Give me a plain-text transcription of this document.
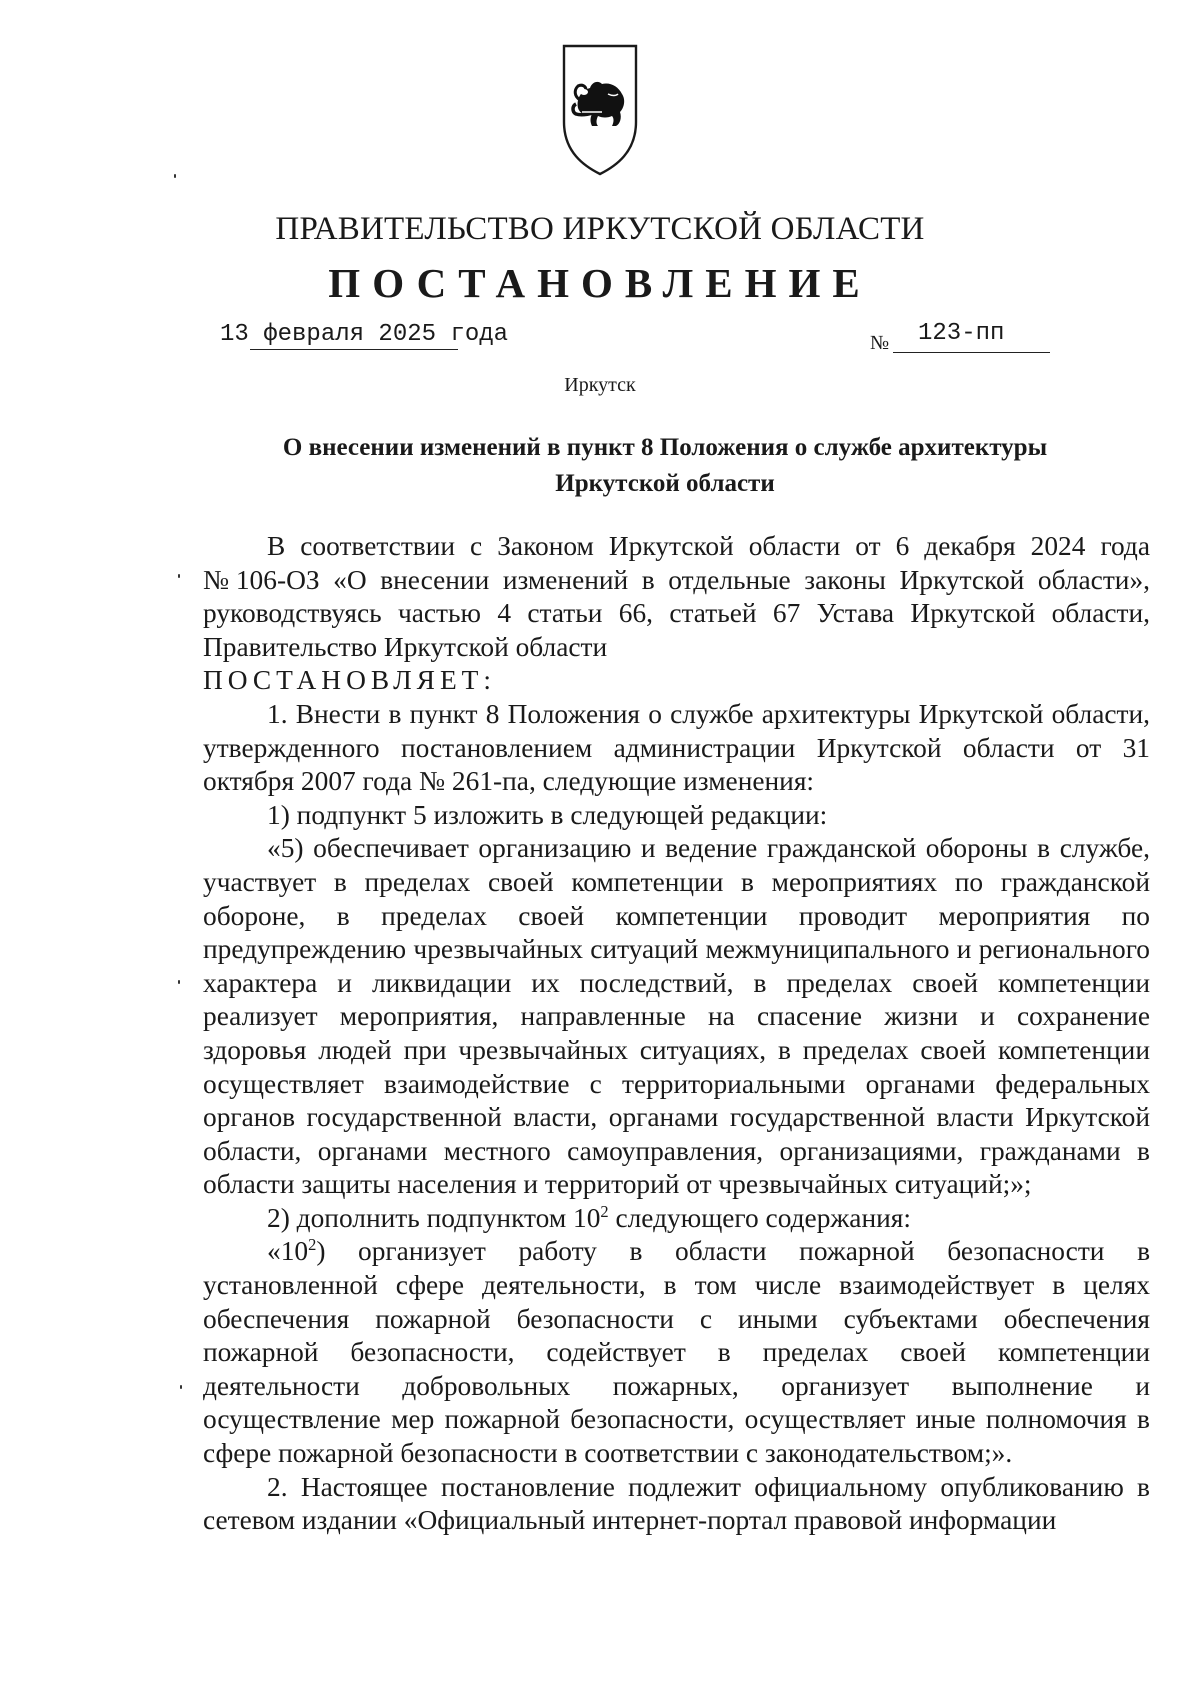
ПРАВИТЕЛЬСТВО ИРКУТСКОЙ ОБЛАСТИ
ПОСТАНОВЛЕНИЕ
13 февраля 2025 года	№ 123-пп
Иркутск
О внесении изменений в пункт 8 Положения о службе архитектуры Иркутской области

В соответствии с Законом Иркутской области от 6 декабря 2024 года №106-ОЗ «О внесении изменений в отдельные законы Иркутской области», руководствуясь частью 4 статьи 66, статьей 67 Устава Иркутской области, Правительство Иркутской области

ПОСТАНОВЛЯЕТ:

1. Внести в пункт 8 Положения о службе архитектуры Иркутской области, утвержденного постановлением администрации Иркутской области от 31 октября 2007 года № 261-па, следующие изменения:

1) подпункт 5 изложить в следующей редакции:

«5) обеспечивает организацию и ведение гражданской обороны в службе, участвует в пределах своей компетенции в мероприятиях по гражданской обороне, в пределах своей компетенции проводит мероприятия по предупреждению чрезвычайных ситуаций межмуниципального и регионального характера и ликвидации их последствий, в пределах своей компетенции реализует мероприятия, направленные на спасение жизни и сохранение здоровья людей при чрезвычайных ситуациях, в пределах своей компетенции осуществляет взаимодействие с территориальными органами федеральных органов государственной власти, органами государственной власти Иркутской области, органами местного самоуправления, организациями, гражданами в области защиты населения и территорий от чрезвычайных ситуаций;»;

2) дополнить подпунктом $10^2$ следующего содержания:

«$10^2$) организует работу в области пожарной безопасности в установленной сфере деятельности, в том числе взаимодействует в целях обеспечения пожарной безопасности с иными субъектами обеспечения пожарной безопасности, содействует в пределах своей компетенции деятельности добровольных пожарных, организует выполнение и осуществление мер пожарной безопасности, осуществляет иные полномочия в сфере пожарной безопасности в соответствии с законодательством;».

2. Настоящее постановление подлежит официальному опубликованию в сетевом издании «Официальный интернет-портал правовой информации
